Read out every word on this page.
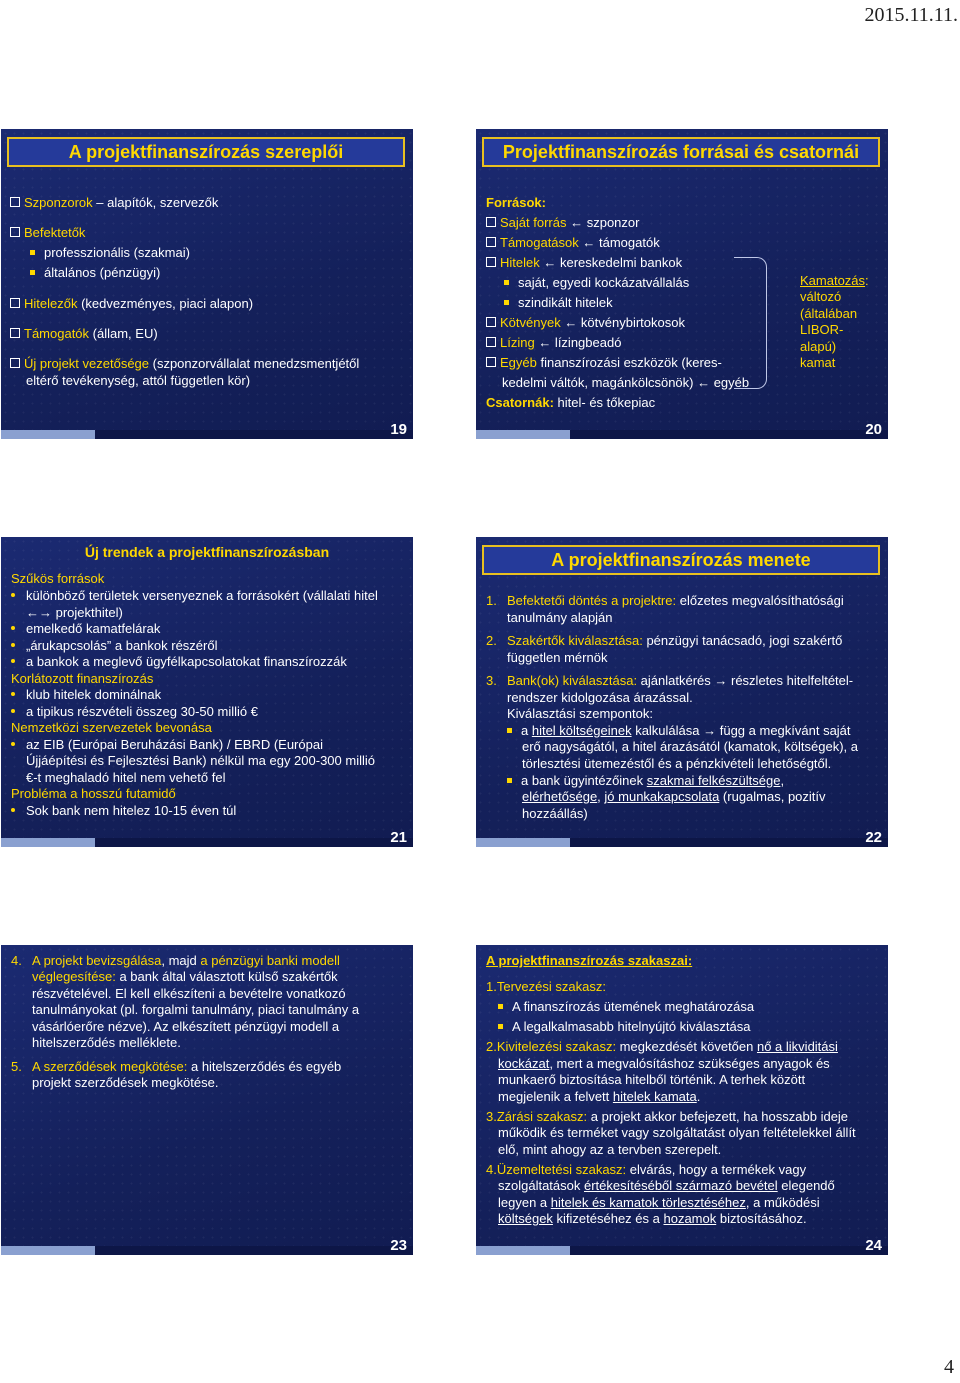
2015.11.11.
A projektfinanszírozás szereplői
Szponzorok – alapítók, szervezők
Befektetők
professzionális (szakmai)
általános (pénzügyi)
Hitelezők (kedvezményes, piaci alapon)
Támogatók (állam, EU)
Új projekt vezetősége (szponzorvállalat menedzsmentjétől
eltérő tevékenység, attól független kör)
19
Projektfinanszírozás forrásai és csatornái
Források:
Saját forrás ← szponzor
Támogatások ← támogatók
Hitelek ← kereskedelmi bankok
saját, egyedi kockázatvállalás
szindikált hitelek
Kötvények ← kötvénybirtokosok
Lízing ← lízingbeadó
Egyéb finanszírozási eszközök (keres-
kedelmi váltók, magánkölcsönök) ← egyéb
Csatornák: hitel- és tőkepiac
Kamatozás:
változó
(általában
LIBOR-
alapú)
kamat
20
Új trendek a projektfinanszírozásban
Szűkös források
különböző területek versenyeznek a forrásokért (vállalati hitel
←→ projekthitel)
emelkedő kamatfelárak
„árukapcsolás” a bankok részéről
a bankok a meglevő ügyfélkapcsolatokat finanszírozzák
Korlátozott finanszírozás
klub hitelek dominálnak
a tipikus részvételi összeg 30-50 millió €
Nemzetközi szervezetek bevonása
az EIB (Európai Beruházási Bank) / EBRD (Európai
Újjáépítési és Fejlesztési Bank) nélkül ma egy 200-300 millió
€-t meghaladó hitel nem vehető fel
Probléma a hosszú futamidő
Sok bank nem hitelez 10-15 éven túl
21
A projektfinanszírozás menete
1. Befektetői döntés a projektre: előzetes megvalósíthatósági
tanulmány alapján
2. Szakértők kiválasztása: pénzügyi tanácsadó, jogi szakértő
független mérnök
3. Bank(ok) kiválasztása: ajánlatkérés → részletes hitelfeltétel-
rendszer kidolgozása árazással.
Kiválasztási szempontok:
a hitel költségeinek kalkulálása → függ a megkívánt saját
erő nagyságától, a hitel árazásától (kamatok, költségek), a
törlesztési ütemezéstől és a pénzkivételi lehetőségtől.
a bank ügyintézőinek szakmai felkészültsége,
elérhetősége, jó munkakapcsolata (rugalmas, pozitív
hozzáállás)
22
4. A projekt bevizsgálása, majd a pénzügyi banki modell
véglegesítése: a bank által választott külső szakértők
részvételével. El kell elkészíteni a bevételre vonatkozó
tanulmányokat (pl. forgalmi tanulmány, piaci tanulmány a
vásárlóerőre nézve). Az elkészített pénzügyi modell a
hitelszerződés melléklete.
5. A szerződések megkötése: a hitelszerződés és egyéb
projekt szerződések megkötése.
23
A projektfinanszírozás szakaszai:
1.Tervezési szakasz:
A finanszírozás ütemének meghatározása
A legalkalmasabb hitelnyújtó kiválasztása
2.Kivitelezési szakasz: megkezdését követően nő a likviditási
kockázat, mert a megvalósításhoz szükséges anyagok és
munkaerő biztosítása hitelből történik. A terhek között
megjelenik a felvett hitelek kamata.
3.Zárási szakasz: a projekt akkor befejezett, ha hosszabb ideje
működik és terméket vagy szolgáltatást olyan feltételekkel állít
elő, mint ahogy az a tervben szerepelt.
4.Üzemeltetési szakasz: elvárás, hogy a termékek vagy
szolgáltatások értékesítéséből származó bevétel elegendő
legyen a hitelek és kamatok törlesztéséhez, a működési
költségek kifizetéséhez és a hozamok biztosításához.
24
4
